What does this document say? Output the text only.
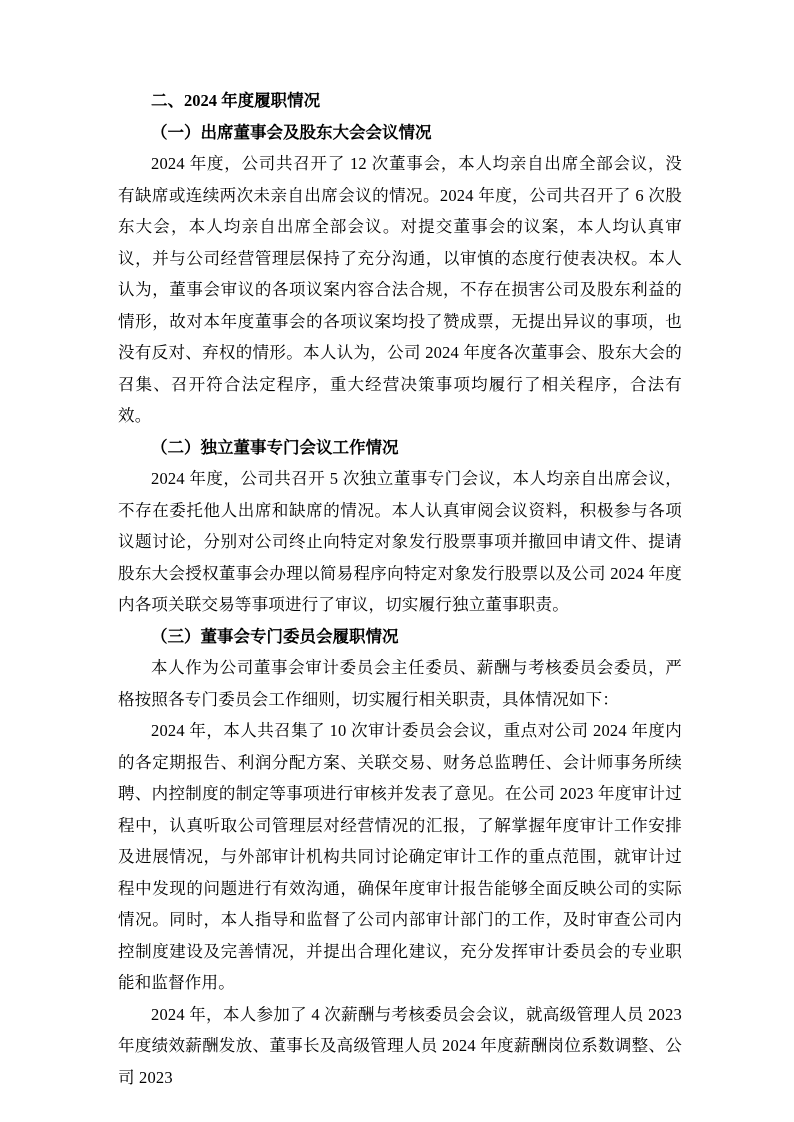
二、2024 年度履职情况
（一）出席董事会及股东大会会议情况

2024 年度，公司共召开了 12 次董事会，本人均亲自出席全部会议，没有缺席或连续两次未亲自出席会议的情况。2024 年度，公司共召开了 6 次股东大会，本人均亲自出席全部会议。对提交董事会的议案，本人均认真审议，并与公司经营管理层保持了充分沟通，以审慎的态度行使表决权。本人认为，董事会审议的各项议案内容合法合规，不存在损害公司及股东利益的情形，故对本年度董事会的各项议案均投了赞成票，无提出异议的事项，也没有反对、弃权的情形。本人认为，公司 2024 年度各次董事会、股东大会的召集、召开符合法定程序，重大经营决策事项均履行了相关程序，合法有效。

（二）独立董事专门会议工作情况

2024 年度，公司共召开 5 次独立董事专门会议，本人均亲自出席会议，不存在委托他人出席和缺席的情况。本人认真审阅会议资料，积极参与各项议题讨论，分别对公司终止向特定对象发行股票事项并撤回申请文件、提请股东大会授权董事会办理以简易程序向特定对象发行股票以及公司 2024 年度内各项关联交易等事项进行了审议，切实履行独立董事职责。

（三）董事会专门委员会履职情况

本人作为公司董事会审计委员会主任委员、薪酬与考核委员会委员，严格按照各专门委员会工作细则，切实履行相关职责，具体情况如下：

2024 年，本人共召集了 10 次审计委员会会议，重点对公司 2024 年度内的各定期报告、利润分配方案、关联交易、财务总监聘任、会计师事务所续聘、内控制度的制定等事项进行审核并发表了意见。在公司 2023 年度审计过程中，认真听取公司管理层对经营情况的汇报，了解掌握年度审计工作安排及进展情况，与外部审计机构共同讨论确定审计工作的重点范围，就审计过程中发现的问题进行有效沟通，确保年度审计报告能够全面反映公司的实际情况。同时，本人指导和监督了公司内部审计部门的工作，及时审查公司内控制度建设及完善情况，并提出合理化建议，充分发挥审计委员会的专业职能和监督作用。

2024 年，本人参加了 4 次薪酬与考核委员会会议，就高级管理人员 2023 年度绩效薪酬发放、董事长及高级管理人员 2024 年度薪酬岗位系数调整、公司 2023
